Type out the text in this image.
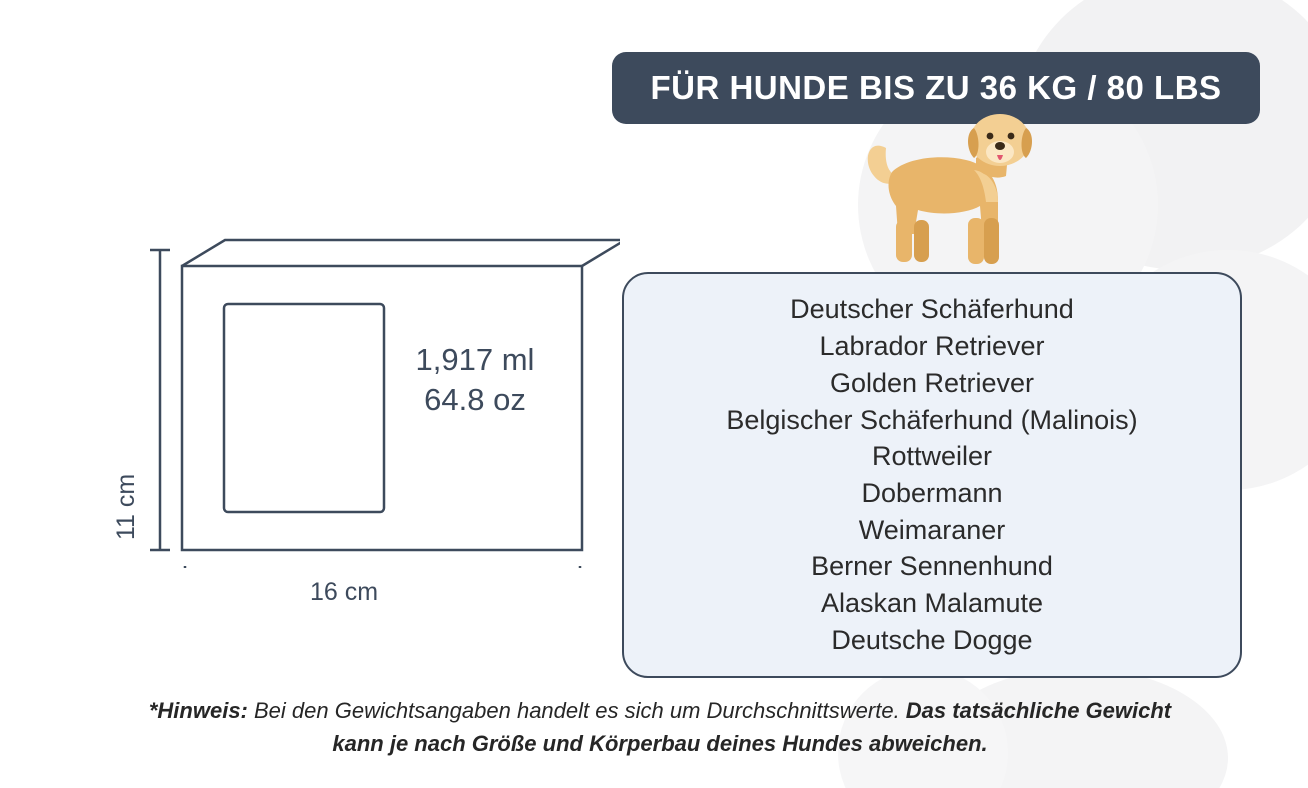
FÜR HUNDE BIS ZU 36 KG / 80 LBS
11 cm
16 cm
1,917 ml
64.8 oz
Deutscher Schäferhund
Labrador Retriever
Golden Retriever
Belgischer Schäferhund (Malinois)
Rottweiler
Dobermann
Weimaraner
Berner Sennenhund
Alaskan Malamute
Deutsche Dogge
*Hinweis: Bei den Gewichtsangaben handelt es sich um Durchschnittswerte. Das tatsächliche Gewicht kann je nach Größe und Körperbau deines Hundes abweichen.
